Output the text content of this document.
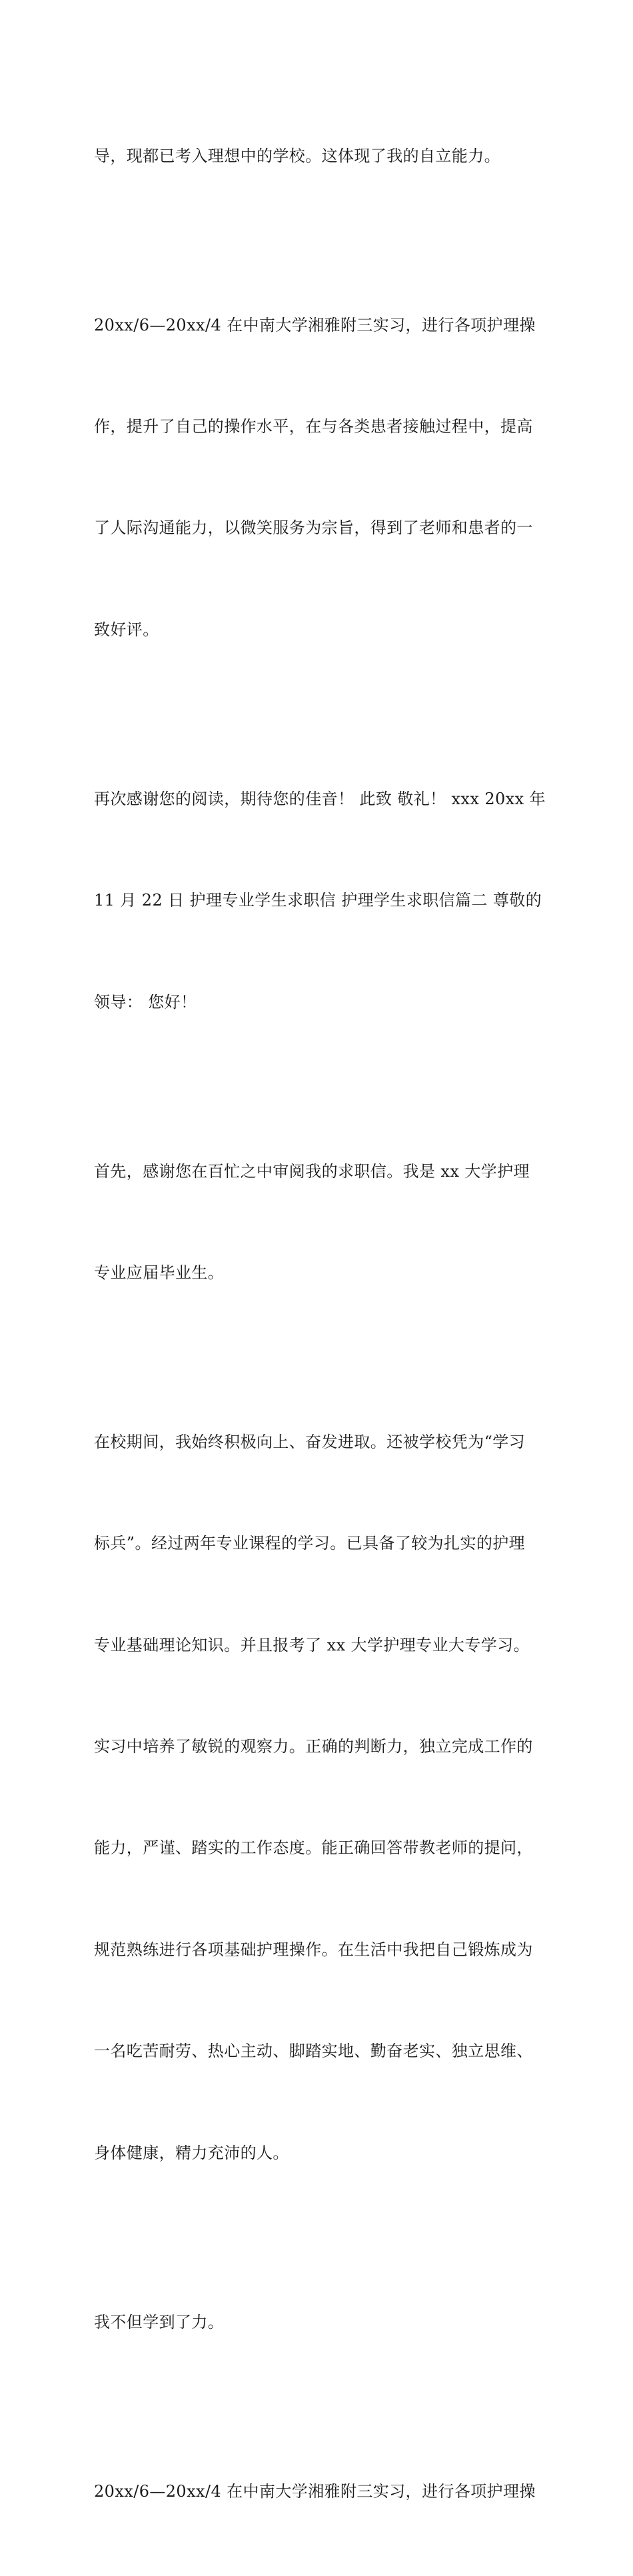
导，现都已考入理想中的学校。这体现了我的自立能力。

20xx/6—20xx/4 在中南大学湘雅附三实习，进行各项护理操

作，提升了自己的操作水平，在与各类患者接触过程中，提高

了人际沟通能力，以微笑服务为宗旨，得到了老师和患者的一

致好评。

再次感谢您的阅读，期待您的佳音！ 此致 敬礼！ xxx 20xx 年

11 月 22 日 护理专业学生求职信 护理学生求职信篇二 尊敬的

领导： 您好！

首先，感谢您在百忙之中审阅我的求职信。我是 xx 大学护理

专业应届毕业生。

在校期间，我始终积极向上、奋发进取。还被学校凭为“学习

标兵”。经过两年专业课程的学习。已具备了较为扎实的护理

专业基础理论知识。并且报考了 xx 大学护理专业大专学习。

实习中培养了敏锐的观察力。正确的判断力，独立完成工作的

能力，严谨、踏实的工作态度。能正确回答带教老师的提问，

规范熟练进行各项基础护理操作。在生活中我把自己锻炼成为

一名吃苦耐劳、热心主动、脚踏实地、勤奋老实、独立思维、

身体健康，精力充沛的人。

我不但学到了力。

20xx/6—20xx/4 在中南大学湘雅附三实习，进行各项护理操
